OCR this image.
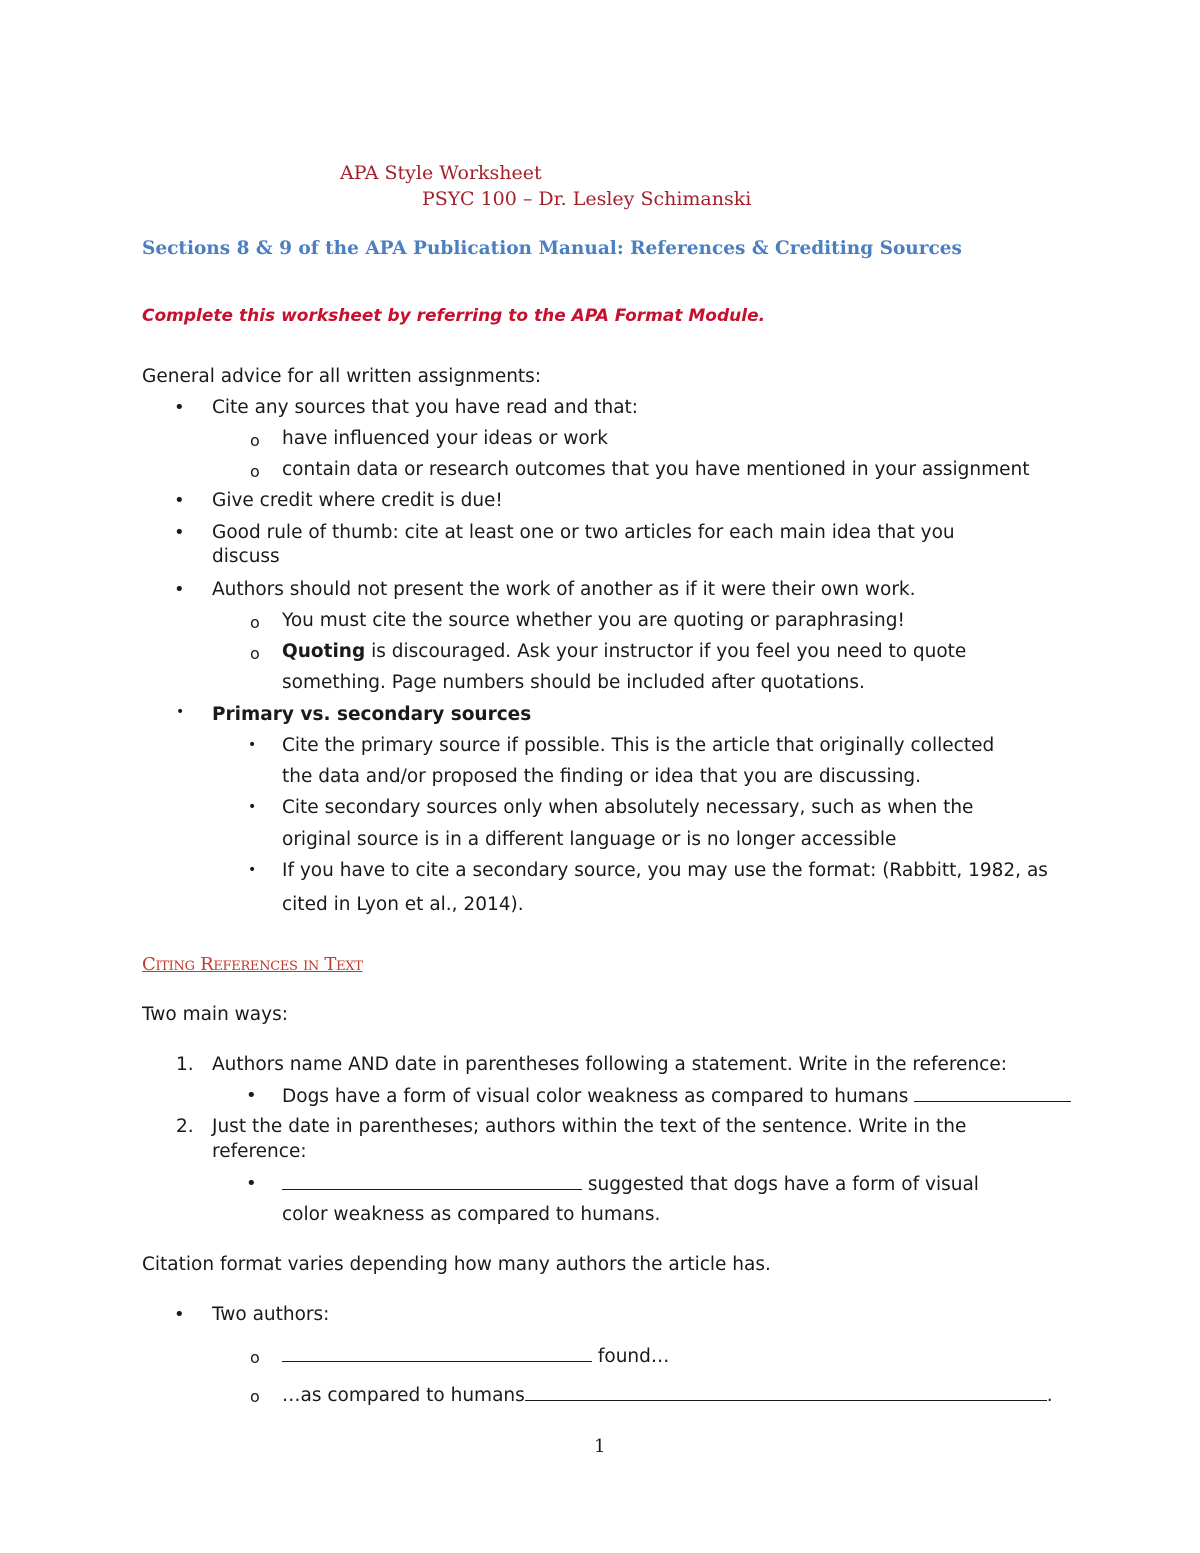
APA Style Worksheet
PSYC 100 – Dr. Lesley Schimanski
Sections 8 & 9 of the APA Publication Manual: References & Crediting Sources
Complete this worksheet by referring to the APA Format Module.
General advice for all written assignments:
• Cite any sources that you have read and that:
o have influenced your ideas or work
o contain data or research outcomes that you have mentioned in your assignment
• Give credit where credit is due!
• Good rule of thumb: cite at least one or two articles for each main idea that you
discuss
• Authors should not present the work of another as if it were their own work.
o You must cite the source whether you are quoting or paraphrasing!
o Quoting is discouraged. Ask your instructor if you feel you need to quote
something. Page numbers should be included after quotations.
• Primary vs. secondary sources
• Cite the primary source if possible. This is the article that originally collected
the data and/or proposed the finding or idea that you are discussing.
• Cite secondary sources only when absolutely necessary, such as when the
original source is in a different language or is no longer accessible
• If you have to cite a secondary source, you may use the format: (Rabbitt, 1982, as
cited in Lyon et al., 2014).
Citing References in Text
Two main ways:
1. Authors name AND date in parentheses following a statement. Write in the reference:
• Dogs have a form of visual color weakness as compared to humans
2. Just the date in parentheses; authors within the text of the sentence. Write in the
reference:
•	suggested that dogs have a form of visual
color weakness as compared to humans.
Citation format varies depending how many authors the article has.
• Two authors:
o	found…
o …as compared to humans	.
1
